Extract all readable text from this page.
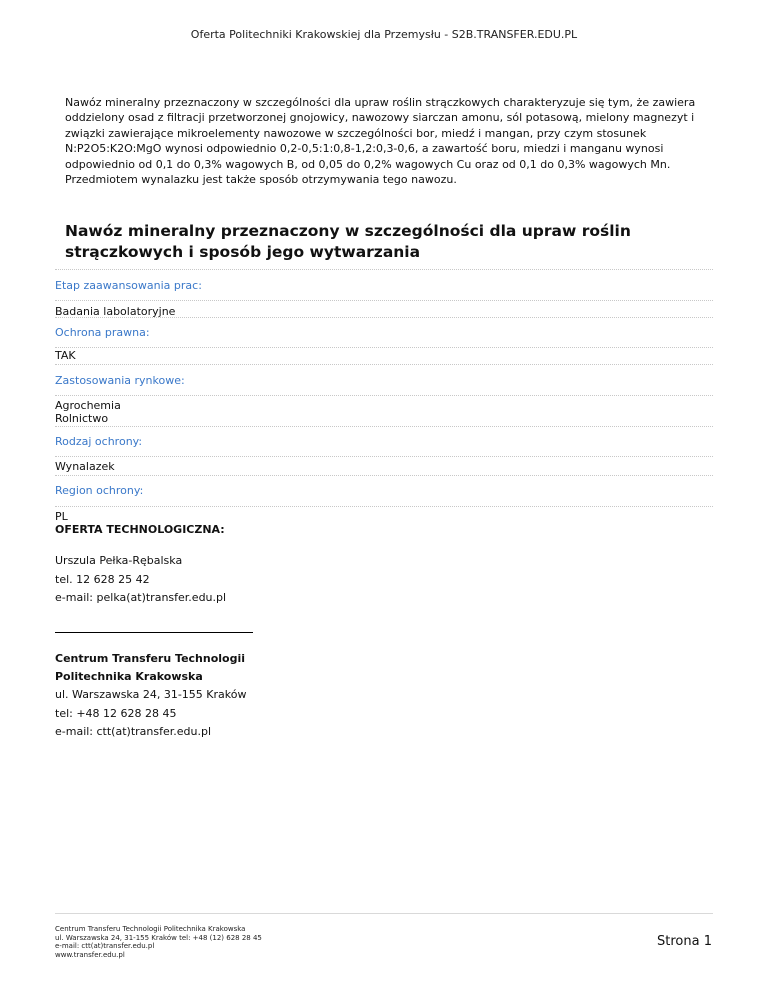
Oferta Politechniki Krakowskiej dla Przemysłu - S2B.TRANSFER.EDU.PL
Nawóz mineralny przeznaczony w szczególności dla upraw roślin strączkowych charakteryzuje się tym, że zawiera oddzielony osad z filtracji przetworzonej gnojowicy, nawozowy siarczan amonu, sól potasową, mielony magnezyt i związki zawierające mikroelementy nawozowe w szczególności bor, miedź i mangan, przy czym stosunek N:P2O5:K2O:MgO wynosi odpowiednio 0,2-0,5:1:0,8-1,2:0,3-0,6, a zawartość boru, miedzi i manganu wynosi odpowiednio od 0,1 do 0,3% wagowych B, od 0,05 do 0,2% wagowych Cu oraz od 0,1 do 0,3% wagowych Mn. Przedmiotem wynalazku jest także sposób otrzymywania tego nawozu.
Nawóz mineralny przeznaczony w szczególności dla upraw roślin strączkowych i sposób jego wytwarzania
Etap zaawansowania prac:
Badania labolatoryjne
Ochrona prawna:
TAK
Zastosowania rynkowe:
Agrochemia
Rolnictwo
Rodzaj ochrony:
Wynalazek
Region ochrony:
PL
OFERTA TECHNOLOGICZNA:
Urszula Pełka-Rębalska
tel. 12 628 25 42
e-mail: pelka(at)transfer.edu.pl
Centrum Transferu Technologii
Politechnika Krakowska
ul. Warszawska 24, 31-155 Kraków
tel: +48 12 628 28 45
e-mail: ctt(at)transfer.edu.pl
Centrum Transferu Technologii Politechnika Krakowska
ul. Warszawska 24, 31-155 Kraków tel: +48 (12) 628 28 45
e-mail: ctt(at)transfer.edu.pl
www.transfer.edu.pl
Strona 1
